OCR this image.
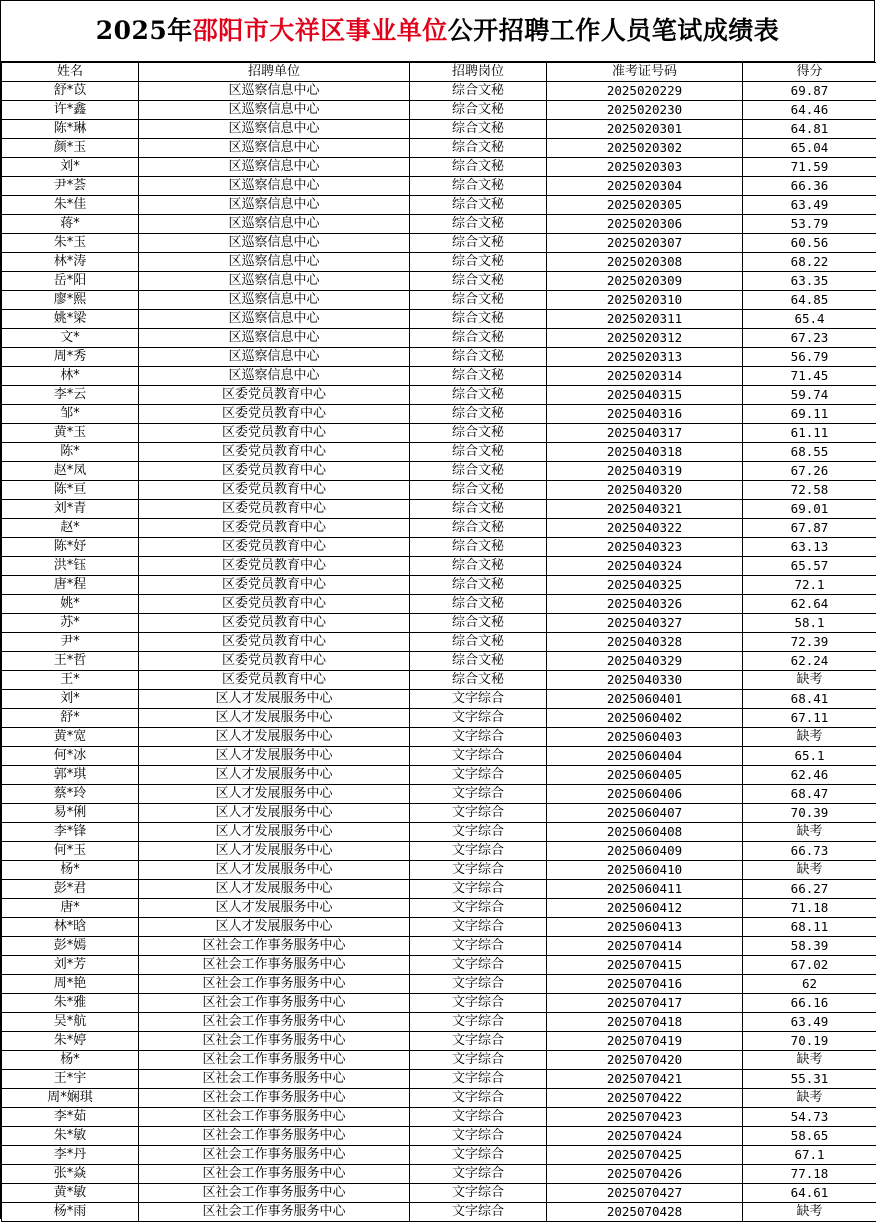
2025年邵阳市大祥区事业单位公开招聘工作人员笔试成绩表
姓名	招聘单位	招聘岗位	准考证号码	得分
舒*苡	区巡察信息中心	综合文秘	2025020229	69.87
许*鑫	区巡察信息中心	综合文秘	2025020230	64.46
陈*琳	区巡察信息中心	综合文秘	2025020301	64.81
颜*玉	区巡察信息中心	综合文秘	2025020302	65.04
刘*	区巡察信息中心	综合文秘	2025020303	71.59
尹*荟	区巡察信息中心	综合文秘	2025020304	66.36
朱*佳	区巡察信息中心	综合文秘	2025020305	63.49
蒋*	区巡察信息中心	综合文秘	2025020306	53.79
朱*玉	区巡察信息中心	综合文秘	2025020307	60.56
林*涛	区巡察信息中心	综合文秘	2025020308	68.22
岳*阳	区巡察信息中心	综合文秘	2025020309	63.35
廖*熙	区巡察信息中心	综合文秘	2025020310	64.85
姚*梁	区巡察信息中心	综合文秘	2025020311	65.4
文*	区巡察信息中心	综合文秘	2025020312	67.23
周*秀	区巡察信息中心	综合文秘	2025020313	56.79
林*	区巡察信息中心	综合文秘	2025020314	71.45
李*云	区委党员教育中心	综合文秘	2025040315	59.74
邹*	区委党员教育中心	综合文秘	2025040316	69.11
黄*玉	区委党员教育中心	综合文秘	2025040317	61.11
陈*	区委党员教育中心	综合文秘	2025040318	68.55
赵*凤	区委党员教育中心	综合文秘	2025040319	67.26
陈*亘	区委党员教育中心	综合文秘	2025040320	72.58
刘*青	区委党员教育中心	综合文秘	2025040321	69.01
赵*	区委党员教育中心	综合文秘	2025040322	67.87
陈*妤	区委党员教育中心	综合文秘	2025040323	63.13
洪*钰	区委党员教育中心	综合文秘	2025040324	65.57
唐*程	区委党员教育中心	综合文秘	2025040325	72.1
姚*	区委党员教育中心	综合文秘	2025040326	62.64
苏*	区委党员教育中心	综合文秘	2025040327	58.1
尹*	区委党员教育中心	综合文秘	2025040328	72.39
王*哲	区委党员教育中心	综合文秘	2025040329	62.24
王*	区委党员教育中心	综合文秘	2025040330	缺考
刘*	区人才发展服务中心	文字综合	2025060401	68.41
舒*	区人才发展服务中心	文字综合	2025060402	67.11
黄*宽	区人才发展服务中心	文字综合	2025060403	缺考
何*冰	区人才发展服务中心	文字综合	2025060404	65.1
郭*琪	区人才发展服务中心	文字综合	2025060405	62.46
蔡*玲	区人才发展服务中心	文字综合	2025060406	68.47
易*俐	区人才发展服务中心	文字综合	2025060407	70.39
李*锋	区人才发展服务中心	文字综合	2025060408	缺考
何*玉	区人才发展服务中心	文字综合	2025060409	66.73
杨*	区人才发展服务中心	文字综合	2025060410	缺考
彭*君	区人才发展服务中心	文字综合	2025060411	66.27
唐*	区人才发展服务中心	文字综合	2025060412	71.18
林*晗	区人才发展服务中心	文字综合	2025060413	68.11
彭*嫣	区社会工作事务服务中心	文字综合	2025070414	58.39
刘*芳	区社会工作事务服务中心	文字综合	2025070415	67.02
周*艳	区社会工作事务服务中心	文字综合	2025070416	62
朱*雅	区社会工作事务服务中心	文字综合	2025070417	66.16
吴*航	区社会工作事务服务中心	文字综合	2025070418	63.49
朱*婷	区社会工作事务服务中心	文字综合	2025070419	70.19
杨*	区社会工作事务服务中心	文字综合	2025070420	缺考
王*宇	区社会工作事务服务中心	文字综合	2025070421	55.31
周*娴琪	区社会工作事务服务中心	文字综合	2025070422	缺考
李*茹	区社会工作事务服务中心	文字综合	2025070423	54.73
朱*敏	区社会工作事务服务中心	文字综合	2025070424	58.65
李*丹	区社会工作事务服务中心	文字综合	2025070425	67.1
张*焱	区社会工作事务服务中心	文字综合	2025070426	77.18
黄*敏	区社会工作事务服务中心	文字综合	2025070427	64.61
杨*雨	区社会工作事务服务中心	文字综合	2025070428	缺考
